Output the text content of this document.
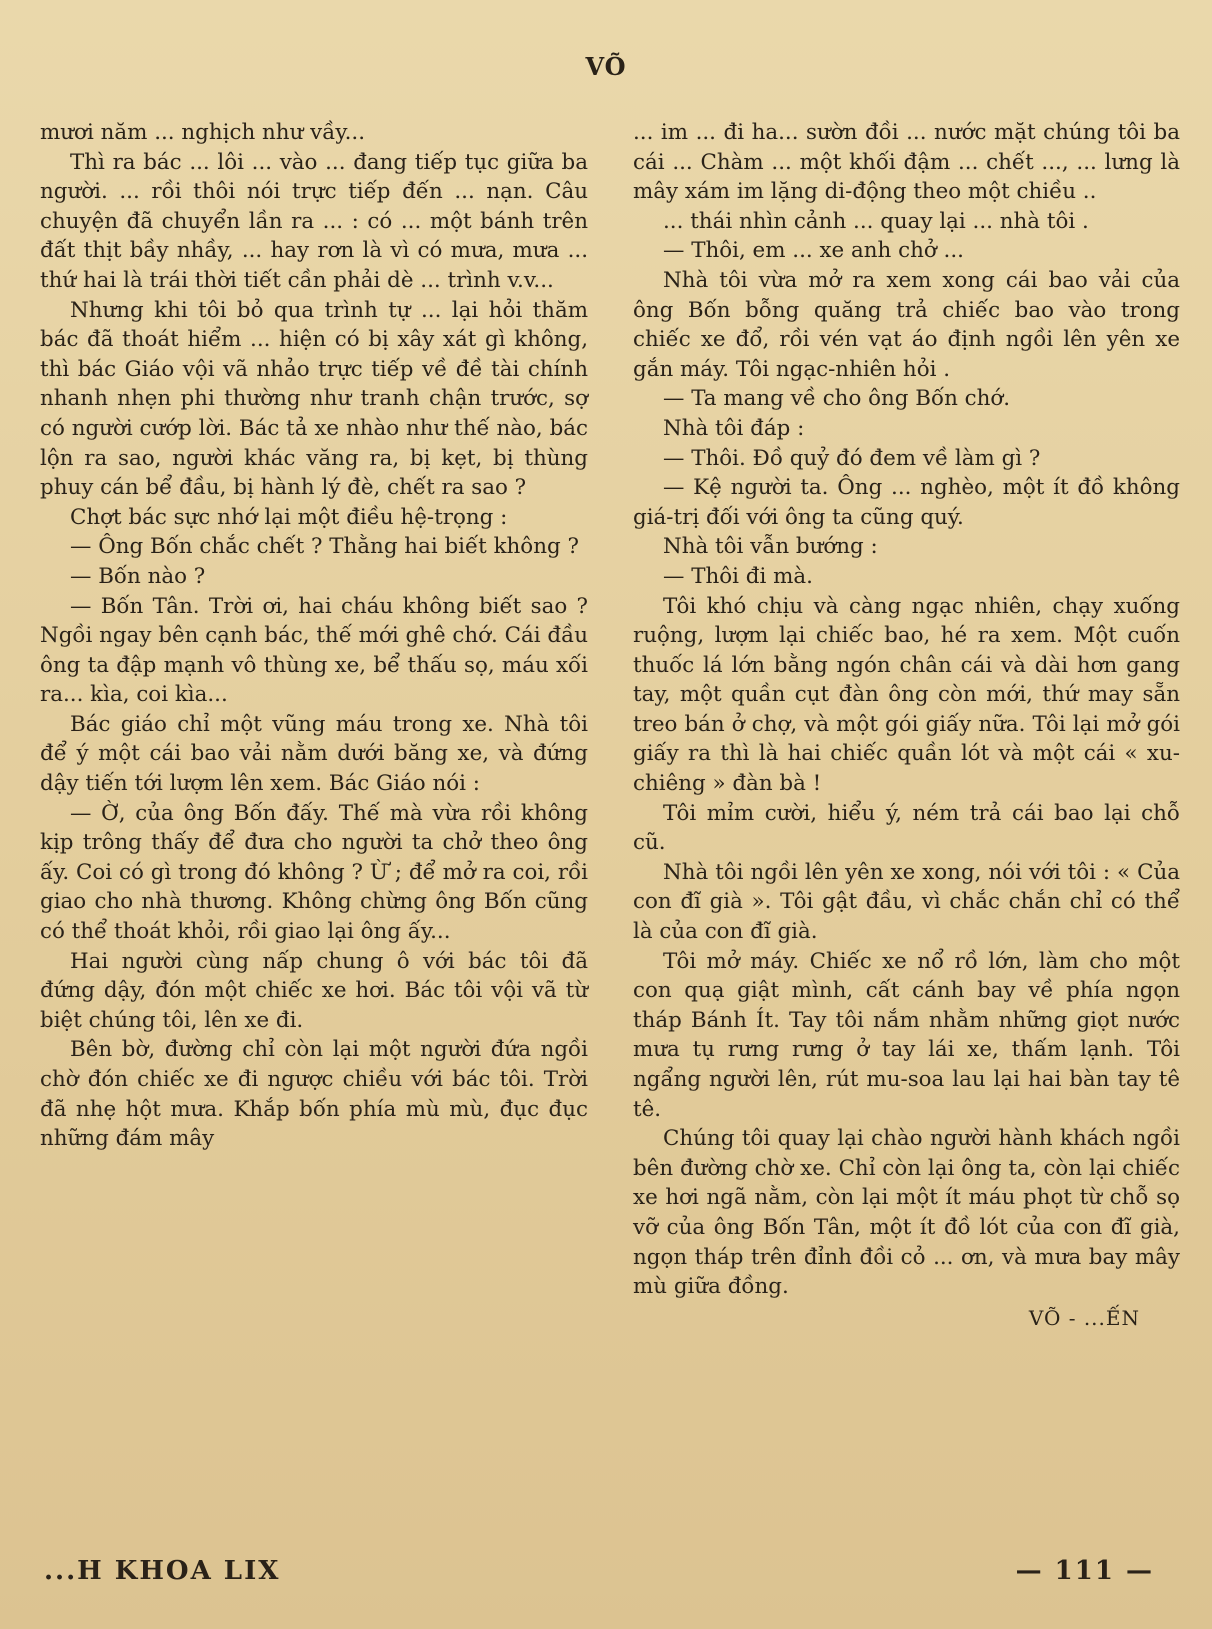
VÕ

mươi năm ... nghịch như vầy...

Thì ra bác ... lôi ... vào ... đang tiếp tục giữa ba người. ... rồi thôi nói trực tiếp đến ... nạn. Câu chuyện đã chuyển lần ra ... : có ... một bánh trên đất thịt bầy nhầy, ... hay rơn là vì có mưa, mưa ... thứ hai là trái thời tiết cần phải dè ... trình v.v...

Nhưng khi tôi bỏ qua trình tự ... lại hỏi thăm bác đã thoát hiểm ... hiện có bị xây xát gì không, thì bác Giáo vội vã nhảo trực tiếp về đề tài chính nhanh nhẹn phi thường như tranh chận trước, sợ có người cướp lời. Bác tả xe nhào như thế nào, bác lộn ra sao, người khác văng ra, bị kẹt, bị thùng phuy cán bể đầu, bị hành lý đè, chết ra sao ?

Chợt bác sực nhớ lại một điều hệ-trọng :

— Ông Bốn chắc chết ? Thằng hai biết không ?

— Bốn nào ?

— Bốn Tân. Trời ơi, hai cháu không biết sao ? Ngồi ngay bên cạnh bác, thế mới ghê chớ. Cái đầu ông ta đập mạnh vô thùng xe, bể thấu sọ, máu xối ra... kìa, coi kìa...

Bác giáo chỉ một vũng máu trong xe. Nhà tôi để ý một cái bao vải nằm dưới băng xe, và đứng dậy tiến tới lượm lên xem. Bác Giáo nói :

— Ờ, của ông Bốn đấy. Thế mà vừa rồi không kịp trông thấy để đưa cho người ta chở theo ông ấy. Coi có gì trong đó không ? Ừ ; để mở ra coi, rồi giao cho nhà thương. Không chừng ông Bốn cũng có thể thoát khỏi, rồi giao lại ông ấy...

Hai người cùng nấp chung ô với bác tôi đã đứng dậy, đón một chiếc xe hơi. Bác tôi vội vã từ biệt chúng tôi, lên xe đi.

Bên bờ, đường chỉ còn lại một người đứa ngồi chờ đón chiếc xe đi ngược chiều với bác tôi. Trời đã nhẹ hột mưa. Khắp bốn phía mù mù, đục đục những đám mây

... im ... đi ha... sườn đồi ... nước mặt chúng tôi ba cái ... Chàm ... một khối đậm ... chết ..., ... lưng là mây xám im lặng di-động theo một chiều ..

... thái nhìn cảnh ... quay lại ... nhà tôi .

— Thôi, em ... xe anh chở ...

Nhà tôi vừa mở ra xem xong cái bao vải của ông Bốn bỗng quăng trả chiếc bao vào trong chiếc xe đổ, rồi vén vạt áo định ngồi lên yên xe gắn máy. Tôi ngạc-nhiên hỏi .

— Ta mang về cho ông Bốn chớ.

Nhà tôi đáp :

— Thôi. Đồ quỷ đó đem về làm gì ?

— Kệ người ta. Ông ... nghèo, một ít đồ không giá-trị đối với ông ta cũng quý.

Nhà tôi vẫn bướng :

— Thôi đi mà.

Tôi khó chịu và càng ngạc nhiên, chạy xuống ruộng, lượm lại chiếc bao, hé ra xem. Một cuốn thuốc lá lớn bằng ngón chân cái và dài hơn gang tay, một quần cụt đàn ông còn mới, thứ may sẵn treo bán ở chợ, và một gói giấy nữa. Tôi lại mở gói giấy ra thì là hai chiếc quần lót và một cái « xu-chiêng » đàn bà !

Tôi mỉm cười, hiểu ý, ném trả cái bao lại chỗ cũ.

Nhà tôi ngồi lên yên xe xong, nói với tôi : « Của con đĩ già ». Tôi gật đầu, vì chắc chắn chỉ có thể là của con đĩ già.

Tôi mở máy. Chiếc xe nổ rồ lớn, làm cho một con quạ giật mình, cất cánh bay về phía ngọn tháp Bánh Ít. Tay tôi nắm nhằm những giọt nước mưa tụ rưng rưng ở tay lái xe, thấm lạnh. Tôi ngẩng người lên, rút mu-soa lau lại hai bàn tay tê tê.

Chúng tôi quay lại chào người hành khách ngồi bên đường chờ xe. Chỉ còn lại ông ta, còn lại chiếc xe hơi ngã nằm, còn lại một ít máu phọt từ chỗ sọ vỡ của ông Bốn Tân, một ít đồ lót của con đĩ già, ngọn tháp trên đỉnh đồi cỏ ... ơn, và mưa bay mây mù giữa đồng.

VÕ - ...ẾN
...H KHOA LIX	— 111 —
